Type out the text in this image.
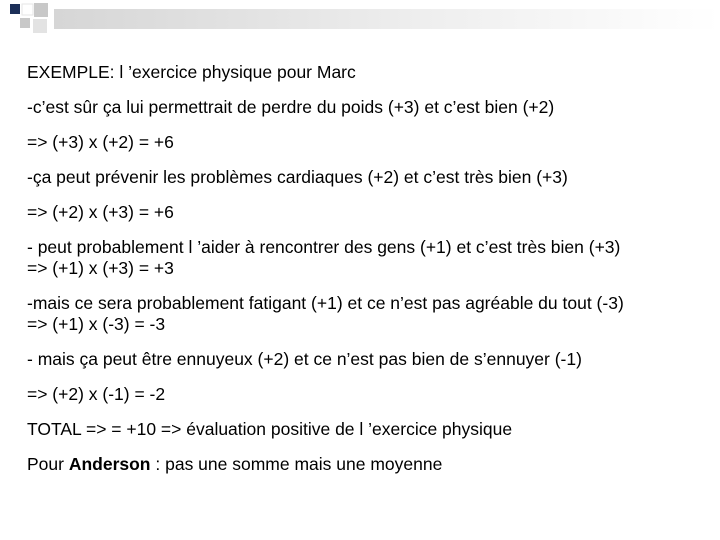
EXEMPLE: l ’exercice physique pour Marc
-c’est sûr ça lui permettrait de perdre du poids (+3) et c’est bien (+2)
=> (+3) x (+2) = +6
-ça peut prévenir les problèmes cardiaques (+2) et c’est très bien (+3)
=> (+2) x (+3) = +6
- peut probablement l ’aider à rencontrer des gens (+1) et c’est très bien (+3)
=> (+1) x (+3) = +3
-mais ce sera probablement fatigant (+1) et ce n’est pas agréable du tout (-3)
=> (+1) x (-3) = -3
- mais ça peut être ennuyeux (+2) et ce n’est pas bien de s’ennuyer (-1)
=> (+2) x (-1) = -2
TOTAL => = +10 => évaluation positive de l ’exercice physique
Pour Anderson : pas une somme mais une moyenne
